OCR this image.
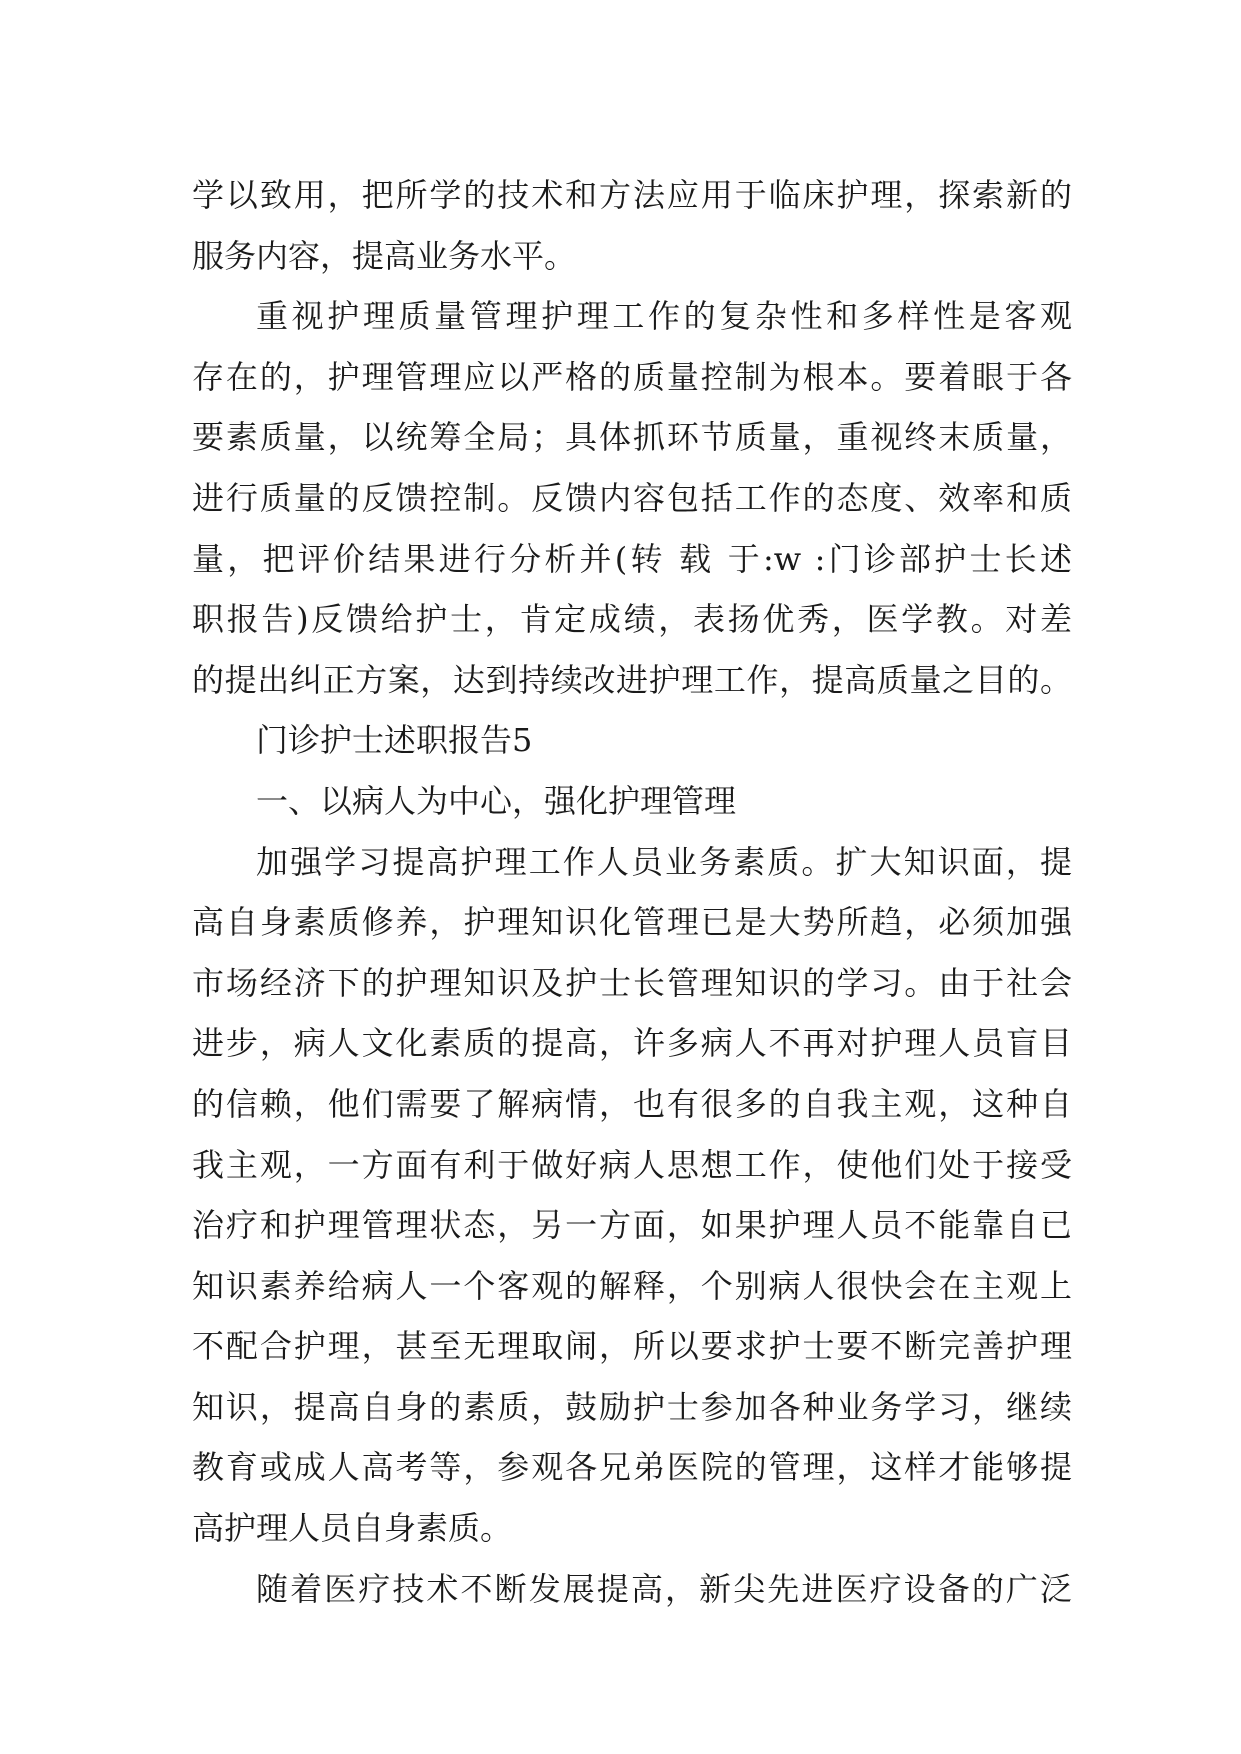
学以致用，把所学的技术和方法应用于临床护理，探索新的
服务内容，提高业务水平。
重视护理质量管理护理工作的复杂性和多样性是客观
存在的，护理管理应以严格的质量控制为根本。要着眼于各
要素质量，以统筹全局；具体抓环节质量，重视终末质量，
进行质量的反馈控制。反馈内容包括工作的态度、效率和质
量，把评价结果进行分析并(转 载 于:w :门诊部护士长述
职报告)反馈给护士，肯定成绩，表扬优秀，医学教。对差
的提出纠正方案，达到持续改进护理工作，提高质量之目的。
门诊护士述职报告5
一、以病人为中心，强化护理管理
加强学习提高护理工作人员业务素质。扩大知识面，提
高自身素质修养，护理知识化管理已是大势所趋，必须加强
市场经济下的护理知识及护士长管理知识的学习。由于社会
进步，病人文化素质的提高，许多病人不再对护理人员盲目
的信赖，他们需要了解病情，也有很多的自我主观，这种自
我主观，一方面有利于做好病人思想工作，使他们处于接受
治疗和护理管理状态，另一方面，如果护理人员不能靠自已
知识素养给病人一个客观的解释，个别病人很快会在主观上
不配合护理，甚至无理取闹，所以要求护士要不断完善护理
知识，提高自身的素质，鼓励护士参加各种业务学习，继续
教育或成人高考等，参观各兄弟医院的管理，这样才能够提
高护理人员自身素质。
随着医疗技术不断发展提高，新尖先进医疗设备的广泛
